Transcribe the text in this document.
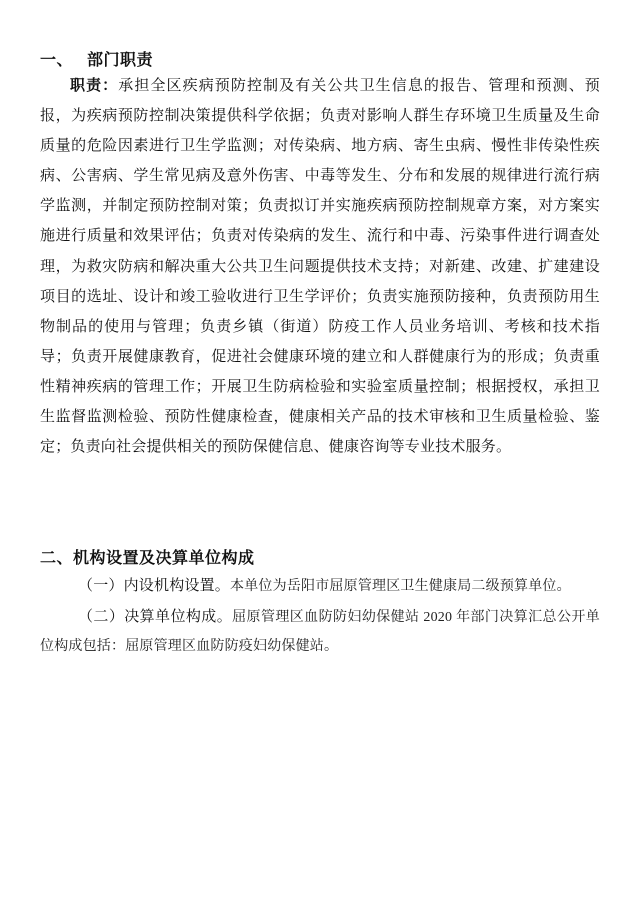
一、 部门职责
职责：承担全区疾病预防控制及有关公共卫生信息的报告、管理和预测、预报，为疾病预防控制决策提供科学依据；负责对影响人群生存环境卫生质量及生命质量的危险因素进行卫生学监测；对传染病、地方病、寄生虫病、慢性非传染性疾病、公害病、学生常见病及意外伤害、中毒等发生、分布和发展的规律进行流行病学监测，并制定预防控制对策；负责拟订并实施疾病预防控制规章方案，对方案实施进行质量和效果评估；负责对传染病的发生、流行和中毒、污染事件进行调查处理，为救灾防病和解决重大公共卫生问题提供技术支持；对新建、改建、扩建建设项目的选址、设计和竣工验收进行卫生学评价；负责实施预防接种，负责预防用生物制品的使用与管理；负责乡镇（街道）防疫工作人员业务培训、考核和技术指导；负责开展健康教育，促进社会健康环境的建立和人群健康行为的形成；负责重性精神疾病的管理工作；开展卫生防病检验和实验室质量控制；根据授权，承担卫生监督监测检验、预防性健康检查，健康相关产品的技术审核和卫生质量检验、鉴定；负责向社会提供相关的预防保健信息、健康咨询等专业技术服务。
二、机构设置及决算单位构成
（一）内设机构设置。本单位为岳阳市屈原管理区卫生健康局二级预算单位。
（二）决算单位构成。屈原管理区血防防妇幼保健站 2020 年部门决算汇总公开单位构成包括：屈原管理区血防防疫妇幼保健站。
